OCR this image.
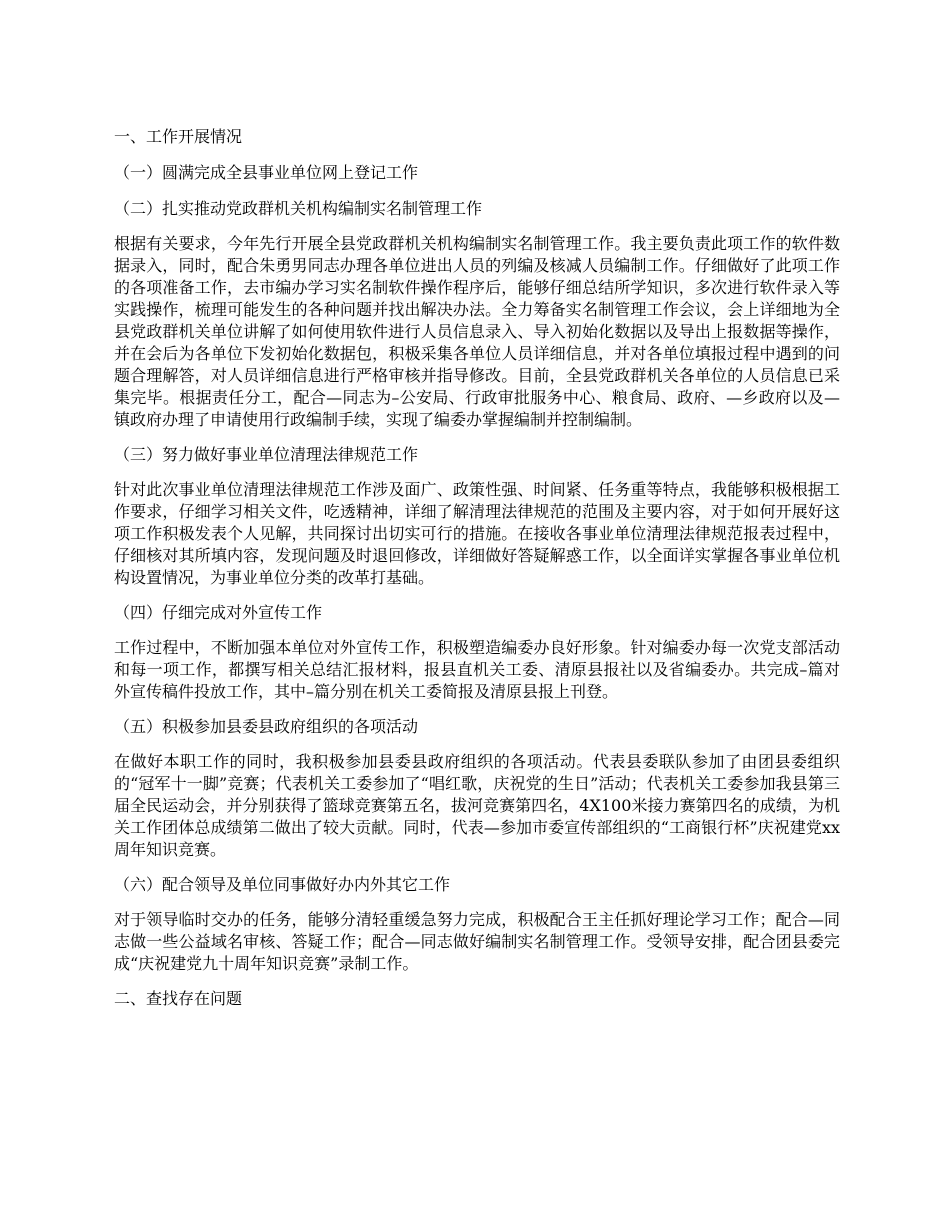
一、工作开展情况
（一）圆满完成全县事业单位网上登记工作
（二）扎实推动党政群机关机构编制实名制管理工作
根据有关要求，今年先行开展全县党政群机关机构编制实名制管理工作。我主要负责此项工作的软件数据录入，同时，配合朱勇男同志办理各单位进出人员的列编及核减人员编制工作。仔细做好了此项工作的各项准备工作，去市编办学习实名制软件操作程序后，能够仔细总结所学知识，多次进行软件录入等实践操作，梳理可能发生的各种问题并找出解决办法。全力筹备实名制管理工作会议，会上详细地为全县党政群机关单位讲解了如何使用软件进行人员信息录入、导入初始化数据以及导出上报数据等操作，并在会后为各单位下发初始化数据包，积极采集各单位人员详细信息，并对各单位填报过程中遇到的问题合理解答，对人员详细信息进行严格审核并指导修改。目前，全县党政群机关各单位的人员信息已采集完毕。根据责任分工，配合—同志为–公安局、行政审批服务中心、粮食局、政府、—乡政府以及—镇政府办理了申请使用行政编制手续，实现了编委办掌握编制并控制编制。
（三）努力做好事业单位清理法律规范工作
针对此次事业单位清理法律规范工作涉及面广、政策性强、时间紧、任务重等特点，我能够积极根据工作要求，仔细学习相关文件，吃透精神，详细了解清理法律规范的范围及主要内容，对于如何开展好这项工作积极发表个人见解，共同探讨出切实可行的措施。在接收各事业单位清理法律规范报表过程中，仔细核对其所填内容，发现问题及时退回修改，详细做好答疑解惑工作，以全面详实掌握各事业单位机构设置情况，为事业单位分类的改革打基础。
（四）仔细完成对外宣传工作
工作过程中，不断加强本单位对外宣传工作，积极塑造编委办良好形象。针对编委办每一次党支部活动和每一项工作，都撰写相关总结汇报材料，报县直机关工委、清原县报社以及省编委办。共完成–篇对外宣传稿件投放工作，其中–篇分别在机关工委简报及清原县报上刊登。
（五）积极参加县委县政府组织的各项活动
在做好本职工作的同时，我积极参加县委县政府组织的各项活动。代表县委联队参加了由团县委组织的“冠军十一脚”竞赛；代表机关工委参加了“唱红歌，庆祝党的生日”活动；代表机关工委参加我县第三届全民运动会，并分别获得了篮球竞赛第五名，拔河竞赛第四名，4X100米接力赛第四名的成绩，为机关工作团体总成绩第二做出了较大贡献。同时，代表—参加市委宣传部组织的“工商银行杯”庆祝建党xx周年知识竞赛。
（六）配合领导及单位同事做好办内外其它工作
对于领导临时交办的任务，能够分清轻重缓急努力完成，积极配合王主任抓好理论学习工作；配合—同志做一些公益域名审核、答疑工作；配合—同志做好编制实名制管理工作。受领导安排，配合团县委完成“庆祝建党九十周年知识竞赛”录制工作。
二、查找存在问题
